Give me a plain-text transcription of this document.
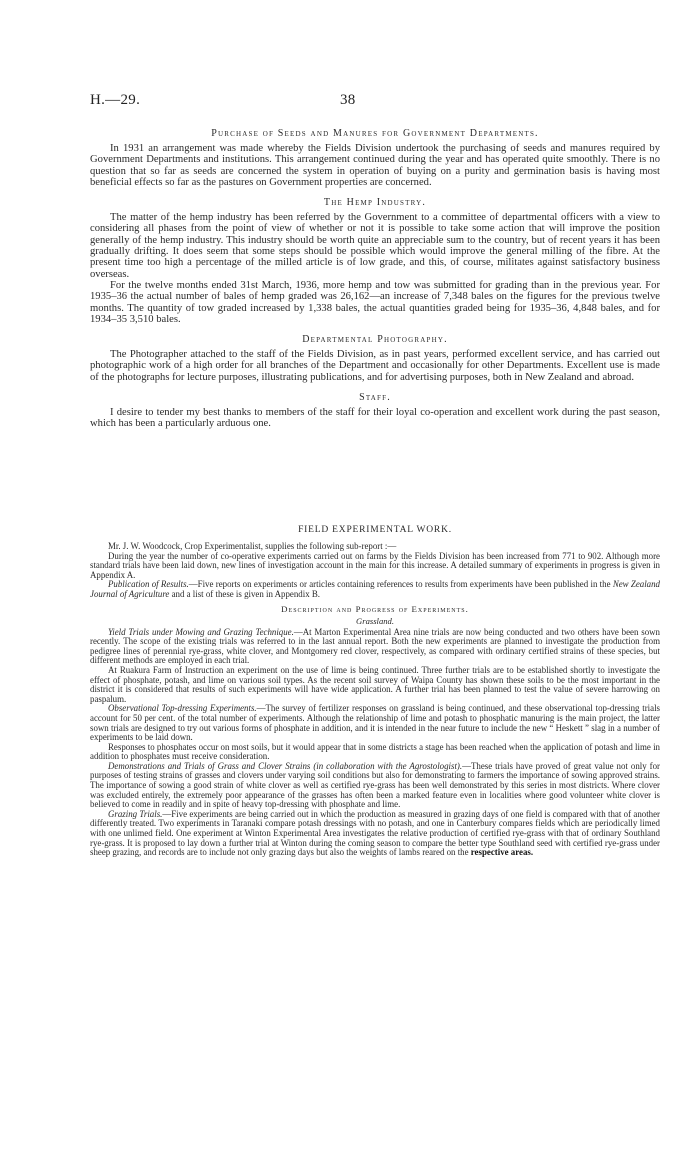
H.—29.	38
Purchase of Seeds and Manures for Government Departments.

In 1931 an arrangement was made whereby the Fields Division undertook the purchasing of seeds and manures required by Government Departments and institutions. This arrangement continued during the year and has operated quite smoothly. There is no question that so far as seeds are concerned the system in operation of buying on a purity and germination basis is having most beneficial effects so far as the pastures on Government properties are concerned.

The Hemp Industry.

The matter of the hemp industry has been referred by the Government to a committee of departmental officers with a view to considering all phases from the point of view of whether or not it is possible to take some action that will improve the position generally of the hemp industry. This industry should be worth quite an appreciable sum to the country, but of recent years it has been gradually drifting. It does seem that some steps should be possible which would improve the general milling of the fibre. At the present time too high a percentage of the milled article is of low grade, and this, of course, militates against satisfactory business overseas.

For the twelve months ended 31st March, 1936, more hemp and tow was submitted for grading than in the previous year. For 1935–36 the actual number of bales of hemp graded was 26,162—an increase of 7,348 bales on the figures for the previous twelve months. The quantity of tow graded increased by 1,338 bales, the actual quantities graded being for 1935–36, 4,848 bales, and for 1934–35 3,510 bales.

Departmental Photography.

The Photographer attached to the staff of the Fields Division, as in past years, performed excellent service, and has carried out photographic work of a high order for all branches of the Department and occasionally for other Departments. Excellent use is made of the photographs for lecture purposes, illustrating publications, and for advertising purposes, both in New Zealand and abroad.

Staff.

I desire to tender my best thanks to members of the staff for their loyal co-operation and excellent work during the past season, which has been a particularly arduous one.

FIELD EXPERIMENTAL WORK.

Mr. J. W. Woodcock, Crop Experimentalist, supplies the following sub-report :—

During the year the number of co-operative experiments carried out on farms by the Fields Division has been increased from 771 to 902. Although more standard trials have been laid down, new lines of investigation account in the main for this increase. A detailed summary of experiments in progress is given in Appendix A.

Publication of Results.—Five reports on experiments or articles containing references to results from experiments have been published in the New Zealand Journal of Agriculture and a list of these is given in Appendix B.

Description and Progress of Experiments.
Grassland.

Yield Trials under Mowing and Grazing Technique.—At Marton Experimental Area nine trials are now being conducted and two others have been sown recently. The scope of the existing trials was referred to in the last annual report. Both the new experiments are planned to investigate the production from pedigree lines of perennial rye-grass, white clover, and Montgomery red clover, respectively, as compared with ordinary certified strains of these species, but different methods are employed in each trial.

At Ruakura Farm of Instruction an experiment on the use of lime is being continued. Three further trials are to be established shortly to investigate the effect of phosphate, potash, and lime on various soil types. As the recent soil survey of Waipa County has shown these soils to be the most important in the district it is considered that results of such experiments will have wide application. A further trial has been planned to test the value of severe harrowing on paspalum.

Observational Top-dressing Experiments.—The survey of fertilizer responses on grassland is being continued, and these observational top-dressing trials account for 50 per cent. of the total number of experiments. Although the relationship of lime and potash to phosphatic manuring is the main project, the latter sown trials are designed to try out various forms of phosphate in addition, and it is intended in the near future to include the new “ Heskett ” slag in a number of experiments to be laid down.

Responses to phosphates occur on most soils, but it would appear that in some districts a stage has been reached when the application of potash and lime in addition to phosphates must receive consideration.

Demonstrations and Trials of Grass and Clover Strains (in collaboration with the Agrostologist).—These trials have proved of great value not only for purposes of testing strains of grasses and clovers under varying soil conditions but also for demonstrating to farmers the importance of sowing approved strains. The importance of sowing a good strain of white clover as well as certified rye-grass has been well demonstrated by this series in most districts. Where clover was excluded entirely, the extremely poor appearance of the grasses has often been a marked feature even in localities where good volunteer white clover is believed to come in readily and in spite of heavy top-dressing with phosphate and lime.

Grazing Trials.—Five experiments are being carried out in which the production as measured in grazing days of one field is compared with that of another differently treated. Two experiments in Taranaki compare potash dressings with no potash, and one in Canterbury compares fields which are periodically limed with one unlimed field. One experiment at Winton Experimental Area investigates the relative production of certified rye-grass with that of ordinary Southland rye-grass. It is proposed to lay down a further trial at Winton during the coming season to compare the better type Southland seed with certified rye-grass under sheep grazing, and records are to include not only grazing days but also the weights of lambs reared on the respective areas.
